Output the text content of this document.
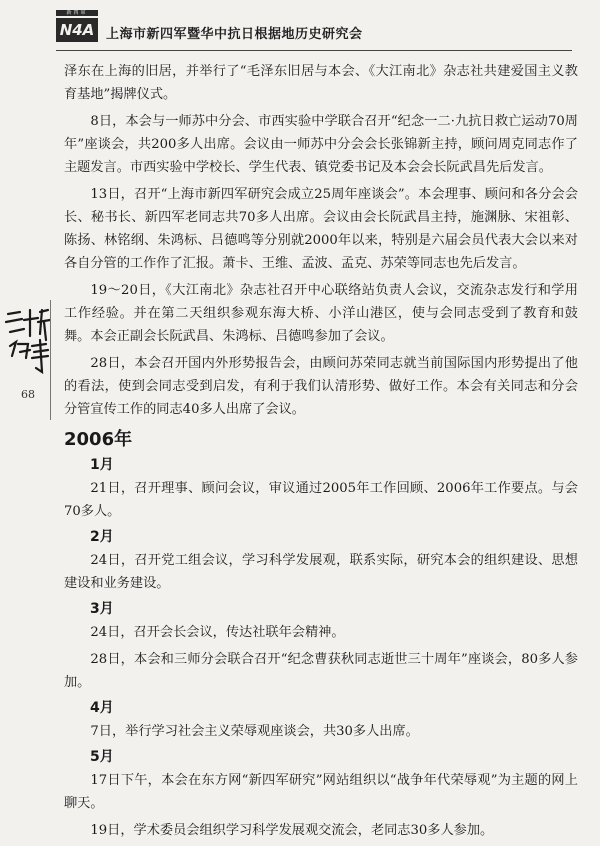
新四軍
N4A 上海市新四军暨华中抗日根据地历史研究会
68

泽东在上海的旧居，并举行了“毛泽东旧居与本会、《大江南北》杂志社共建爱国主义教育基地”揭牌仪式。

8日，本会与一师苏中分会、市西实验中学联合召开“纪念一二·九抗日救亡运动70周年”座谈会，共200多人出席。会议由一师苏中分会会长张锦新主持，顾问周克同志作了主题发言。市西实验中学校长、学生代表、镇党委书记及本会会长阮武昌先后发言。

13日，召开“上海市新四军研究会成立25周年座谈会”。本会理事、顾问和各分会会长、秘书长、新四军老同志共70多人出席。会议由会长阮武昌主持，施渊脉、宋祖彰、陈扬、林铭纲、朱鸿标、吕德鸣等分别就2000年以来，特别是六届会员代表大会以来对各自分管的工作作了汇报。萧卡、王维、孟波、孟克、苏荣等同志也先后发言。

19～20日，《大江南北》杂志社召开中心联络站负责人会议，交流杂志发行和学用工作经验。并在第二天组织参观东海大桥、小洋山港区，使与会同志受到了教育和鼓舞。本会正副会长阮武昌、朱鸿标、吕德鸣参加了会议。

28日，本会召开国内外形势报告会，由顾问苏荣同志就当前国际国内形势提出了他的看法，使到会同志受到启发，有利于我们认清形势、做好工作。本会有关同志和分会分管宣传工作的同志40多人出席了会议。

2006年
1月

21日，召开理事、顾问会议，审议通过2005年工作回顾、2006年工作要点。与会70多人。

2月

24日，召开党工组会议，学习科学发展观，联系实际，研究本会的组织建设、思想建设和业务建设。

3月

24日，召开会长会议，传达社联年会精神。

28日，本会和三师分会联合召开“纪念曹获秋同志逝世三十周年”座谈会，80多人参加。

4月

7日，举行学习社会主义荣辱观座谈会，共30多人出席。

5月

17日下午，本会在东方网“新四军研究”网站组织以“战争年代荣辱观”为主题的网上聊天。

19日，学术委员会组织学习科学发展观交流会，老同志30多人参加。
